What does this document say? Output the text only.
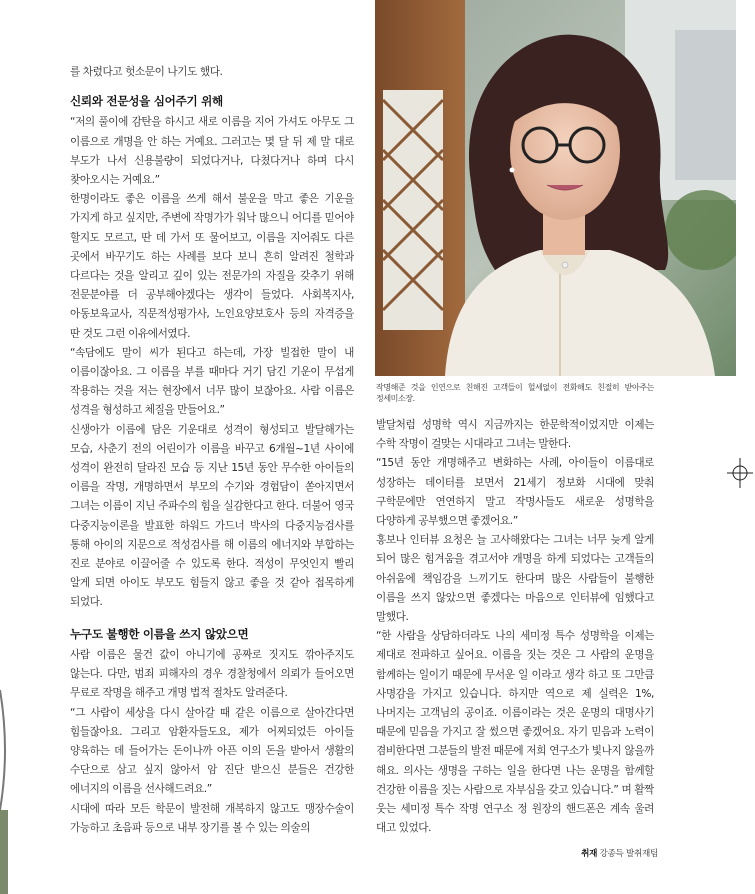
를 차렸다고 헛소문이 나기도 했다.

신뢰와 전문성을 심어주기 위해

“저의 풀이에 감탄을 하시고 새로 이름을 지어 가셔도 아무도 그 이름으로 개명을 안 하는 거예요. 그러고는 몇 달 뒤 제 말 대로 부도가 나서 신용불량이 되었다거나, 다쳤다거나 하며 다시 찾아오시는 거예요.”

한명이라도 좋은 이름을 쓰게 해서 불운을 막고 좋은 기운을 가지게 하고 싶지만, 주변에 작명가가 워낙 많으니 어디를 믿어야 할지도 모르고, 딴 데 가서 또 물어보고, 이름을 지어줘도 다른 곳에서 바꾸기도 하는 사례를 보다 보니 흔히 알려진 철학과 다르다는 것을 알리고 깊이 있는 전문가의 자질을 갖추기 위해 전문분야를 더 공부해야겠다는 생각이 들었다. 사회복지사, 아동보육교사, 직문적성평가사, 노인요양보호사 등의 자격증을 딴 것도 그런 이유에서였다.

“속담에도 말이 씨가 된다고 하는데, 가장 빌접한 말이 내 이름이잖아요. 그 이름을 부를 때마다 거기 담긴 기운이 무섭게 작용하는 것을 저는 현장에서 너무 많이 보잖아요. 사람 이름은 성격을 형성하고 체질을 만들어요.”

신생아가 이름에 담은 기운대로 성격이 형성되고 발달해가는 모습, 사춘기 전의 어린이가 이름을 바꾸고 6개월~1년 사이에 성격이 완전히 달라진 모습 등 지난 15년 동안 무수한 아이들의 이름을 작명, 개명하면서 부모의 수기와 경험담이 쏟아지면서 그녀는 이름이 지닌 주파수의 힘을 실감한다고 한다. 더불어 영국 다중지능이론을 발표한 하워드 가드너 박사의 다중지능검사를 통해 아이의 지문으로 적성검사를 해 이름의 에너지와 부합하는 진로 분야로 이끌어줄 수 있도록 한다. 적성이 무엇인지 빨리 알게 되면 아이도 부모도 힘들지 않고 좋을 것 같아 접목하게 되었다.

누구도 불행한 이름을 쓰지 않았으면

사람 이름은 물건 값이 아니기에 공짜로 짓지도 깎아주지도 않는다. 다만, 범죄 피해자의 경우 경찰청에서 의뢰가 들어오면 무료로 작명을 해주고 개명 법적 절차도 알려준다.

“그 사람이 세상을 다시 살아갈 때 같은 이름으로 살아간다면 힘들잖아요. 그리고 암환자들도요, 제가 어찌되었든 아이들 양육하는 데 들어가는 돈이나까 아픈 이의 돈을 받아서 생활의 수단으로 삼고 싶지 않아서 암 진단 받으신 분들은 건강한 에너지의 이름을 선사해드려요.”

시대에 따라 모든 학문이 발전해 개복하지 않고도 맹장수술이 가능하고 초음파 등으로 내부 장기를 볼 수 있는 의술의

작명해준 것을 인연으로 친해진 고객들이 헐세없이 전화해도 친절히 받아주는 정세미소장.

발달처럼 성명학 역시 지금까지는 한문학적이었지만 이제는 수학 작명이 걸맞는 시대라고 그녀는 말한다.

“15년 동안 개명해주고 변화하는 사례, 아이들이 이름대로 성장하는 데이터를 보면서 21세기 정보화 시대에 맞춰 구학문에만 연연하지 말고 작명사들도 새로운 성명학을 다양하게 공부했으면 좋겠어요.”

홍보나 인터뷰 요청은 늘 고사해왔다는 그녀는 너무 늦게 알게 되어 많은 힘겨움을 겪고서야 개명을 하게 되었다는 고객들의 아쉬움에 책임감을 느끼기도 한다며 많은 사람들이 불행한 이름을 쓰지 않았으면 좋겠다는 마음으로 인터뷰에 임했다고 말했다.

“한 사람을 상담하더라도 나의 세미정 특수 성명학을 이제는 제대로 전파하고 싶어요. 이름을 짓는 것은 그 사람의 운명을 함께하는 일이기 때문에 무서운 일 이라고 생각 하고 또 그만큼 사명감을 가지고 있습니다. 하지만 역으로 제 실력은 1%, 나머지는 고객님의 공이죠. 이름이라는 것은 운명의 대명사기 때문에 믿음을 가지고 잘 썼으면 좋겠어요. 자기 믿음과 노력이 겸비한다면 그분들의 발전 때문에 저희 연구소가 빛나지 않을까 해요. 의사는 생명을 구하는 일을 한다면 나는 운명을 함께할 건강한 이름을 짓는 사람으로 자부심을 갖고 있습니다.” 며 활짝 웃는 세미정 특수 작명 연구소 정 원장의 핸드폰은 계속 울려 대고 있었다.

취재 강종득 발취재팀
